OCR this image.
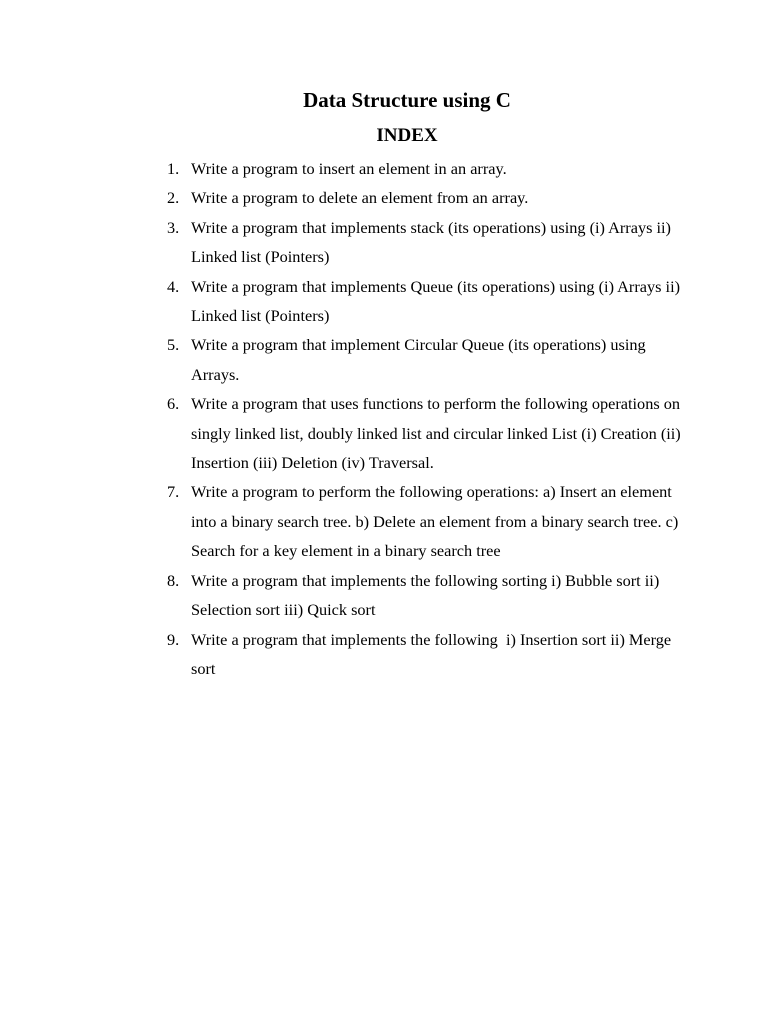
Data Structure using C
INDEX
1. Write a program to insert an element in an array.
2. Write a program to delete an element from an array.
3. Write a program that implements stack (its operations) using (i) Arrays ii) Linked list (Pointers)
4. Write a program that implements Queue (its operations) using (i) Arrays ii) Linked list (Pointers)
5. Write a program that implement Circular Queue (its operations) using Arrays.
6. Write a program that uses functions to perform the following operations on singly linked list, doubly linked list and circular linked List (i) Creation (ii) Insertion (iii) Deletion (iv) Traversal.
7. Write a program to perform the following operations: a) Insert an element into a binary search tree. b) Delete an element from a binary search tree. c) Search for a key element in a binary search tree
8. Write a program that implements the following sorting i) Bubble sort ii) Selection sort iii) Quick sort
9. Write a program that implements the following  i) Insertion sort ii) Merge sort
